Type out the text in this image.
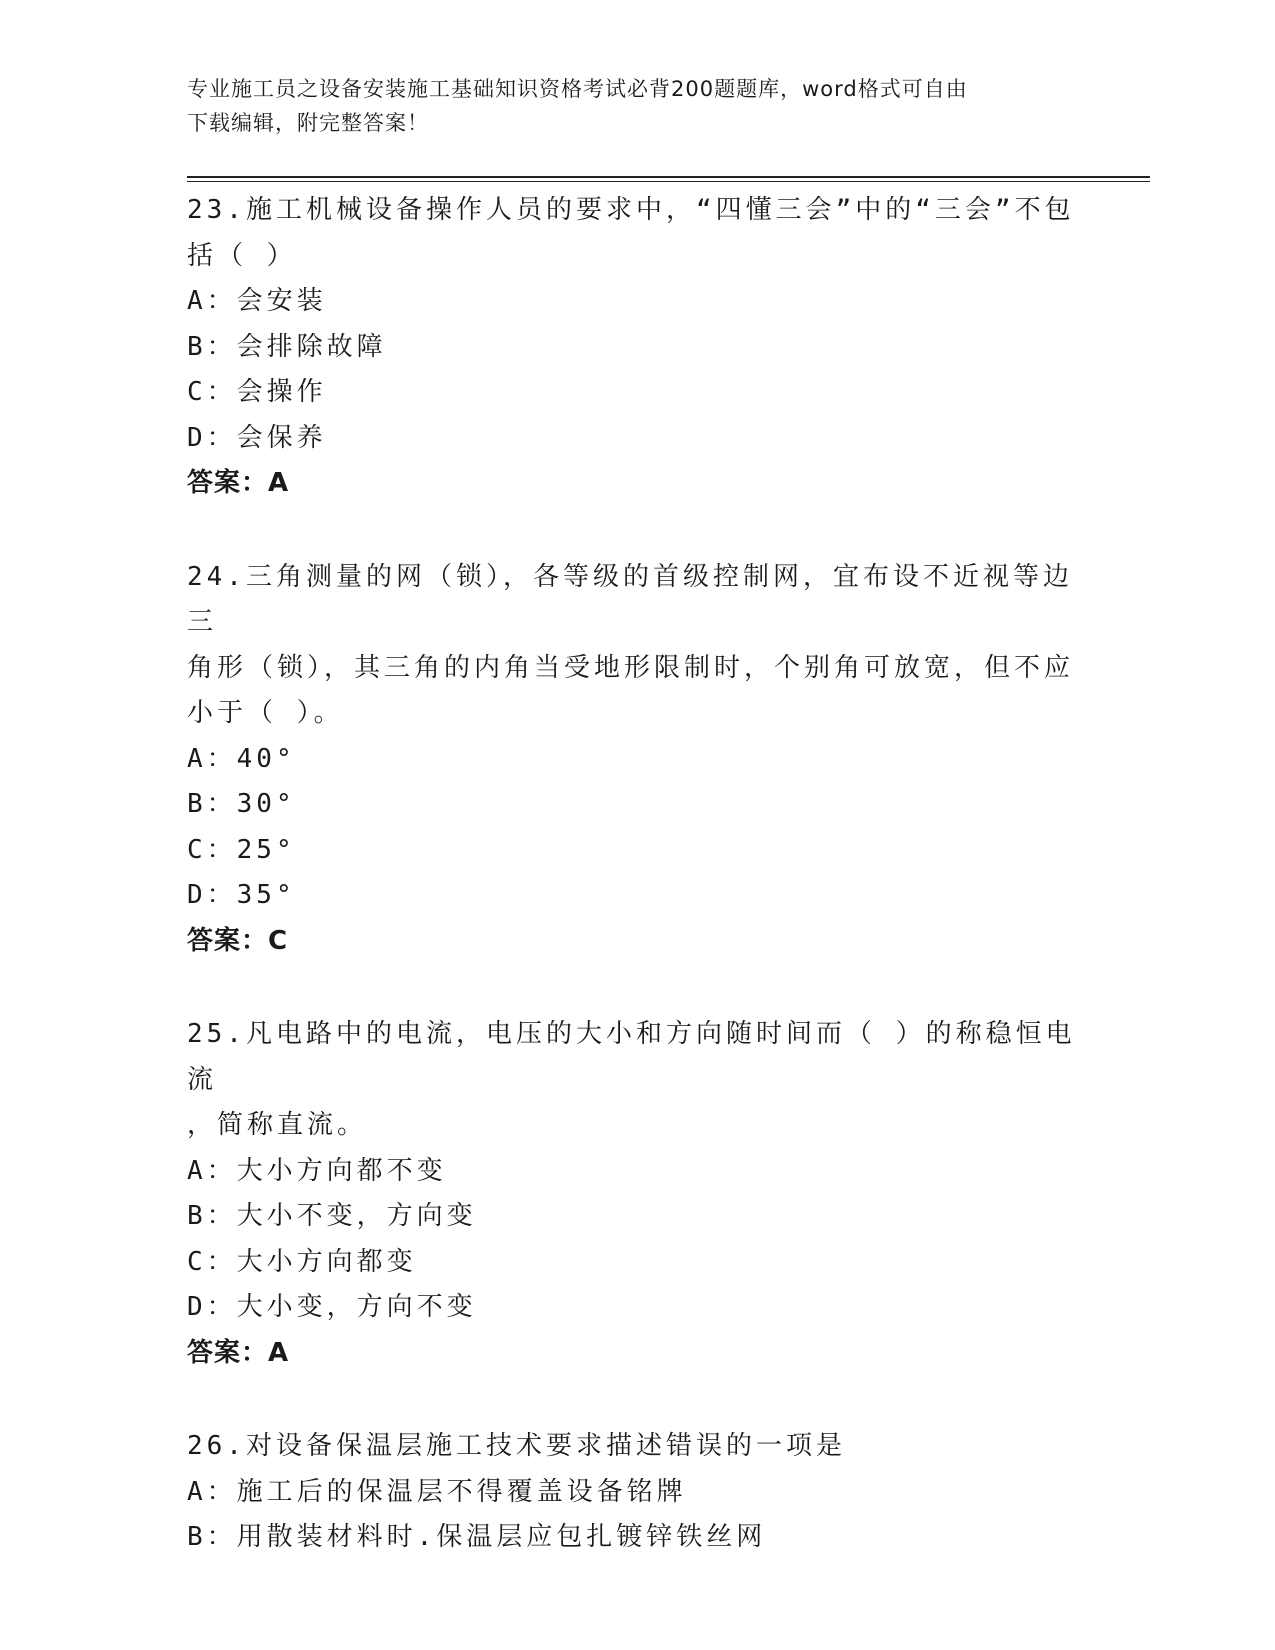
专业施工员之设备安装施工基础知识资格考试必背200题题库，word格式可自由
下载编辑，附完整答案！
23.施工机械设备操作人员的要求中，“四懂三会”中的“三会”不包
括（ ）
A：会安装
B：会排除故障
C：会操作
D：会保养
答案：A
24.三角测量的网（锁），各等级的首级控制网，宜布设不近视等边三
角形（锁），其三角的内角当受地形限制时，个别角可放宽，但不应
小于（ ）。
A：40°
B：30°
C：25°
D：35°
答案：C
25.凡电路中的电流，电压的大小和方向随时间而（ ）的称稳恒电流
，简称直流。
A：大小方向都不变
B：大小不变，方向变
C：大小方向都变
D：大小变，方向不变
答案：A
26.对设备保温层施工技术要求描述错误的一项是
A：施工后的保温层不得覆盖设备铭牌
B：用散装材料时.保温层应包扎镀锌铁丝网
